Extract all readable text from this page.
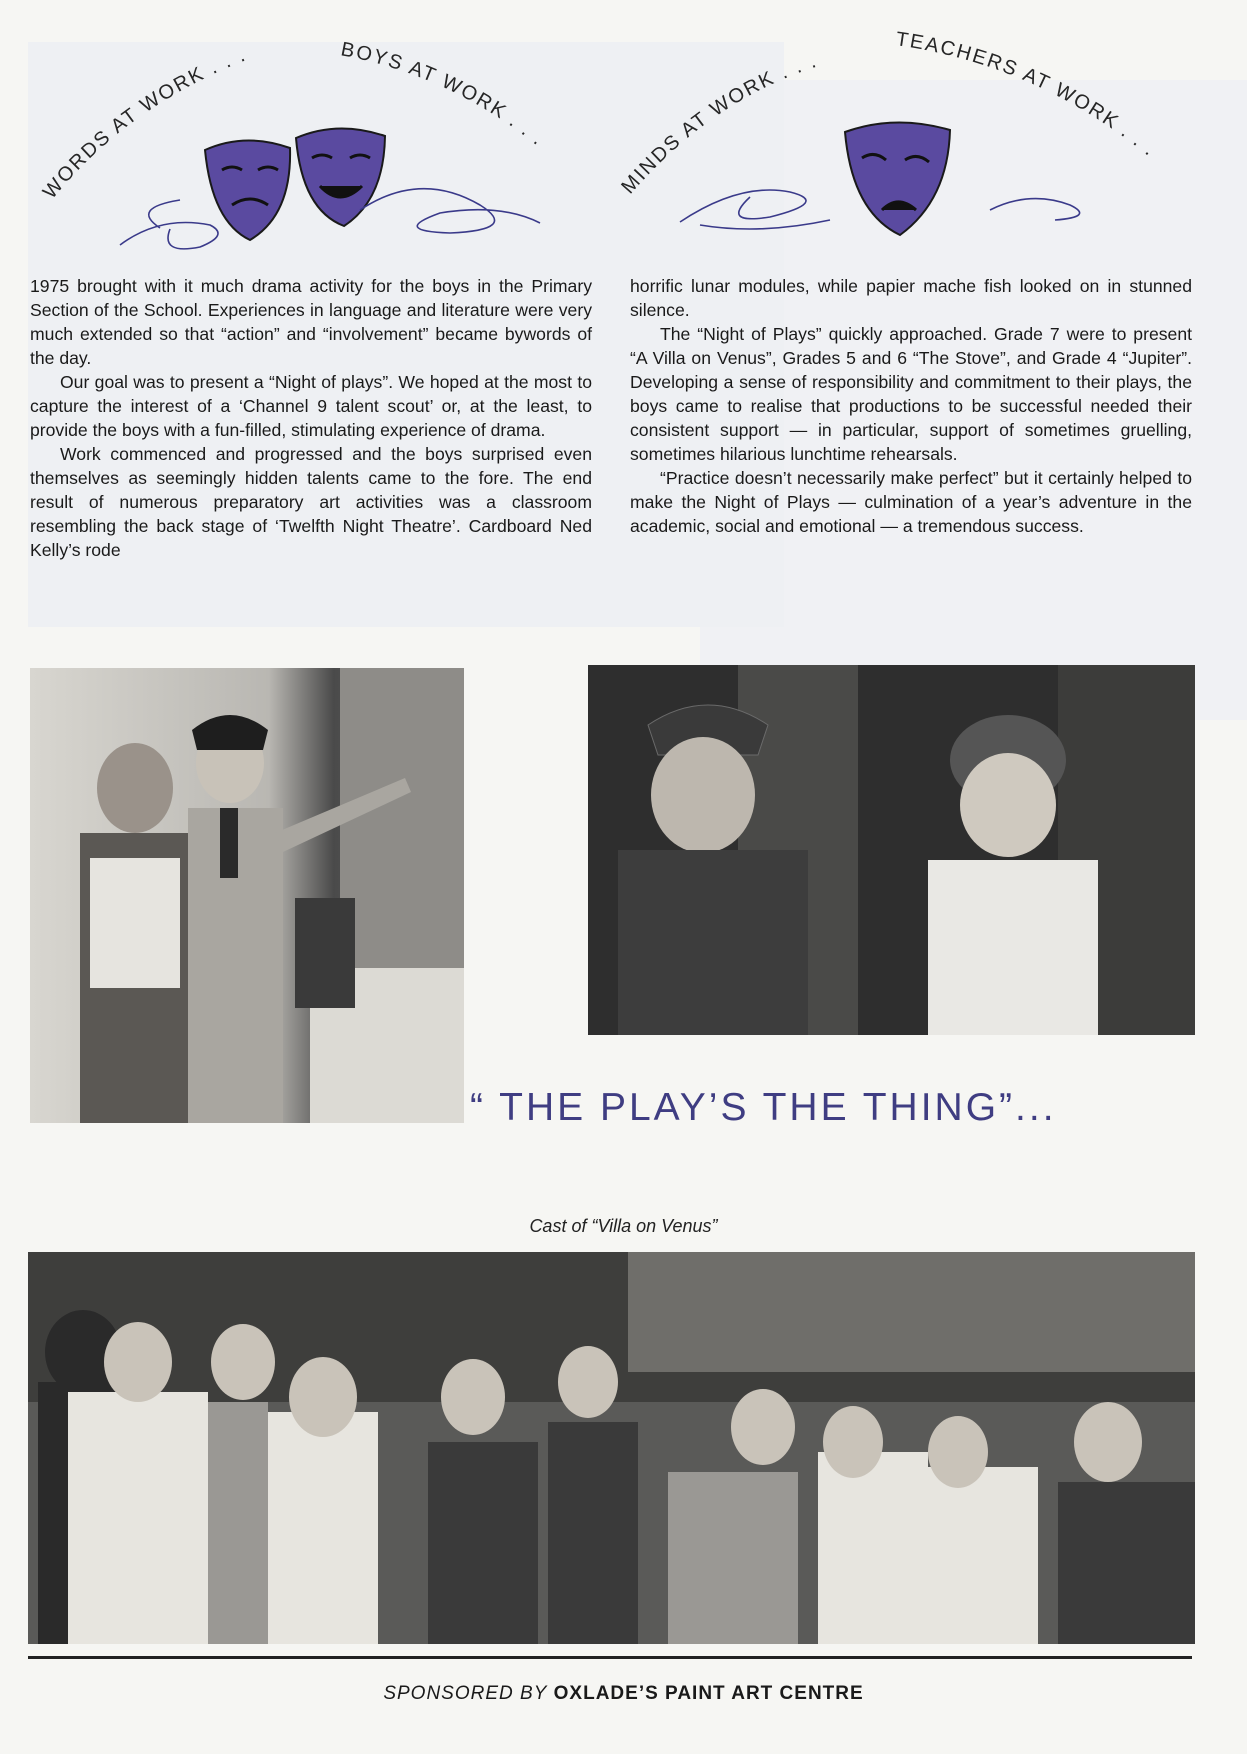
WORDS AT WORK . . .	BOYS AT WORK . . .
MINDS AT WORK . . .
TEACHERS AT WORK . . .

1975 brought with it much drama activity for the boys in the Primary Section of the School. Experiences in language and literature were very much extended so that “action” and “involvement” became bywords of the day.

Our goal was to present a “Night of plays”. We hoped at the most to capture the interest of a ‘Channel 9 talent scout’ or, at the least, to provide the boys with a fun-filled, stimulating experience of drama.

Work commenced and progressed and the boys surprised even themselves as seemingly hidden talents came to the fore. The end result of numerous preparatory art activities was a classroom resembling the back stage of ‘Twelfth Night Theatre’. Cardboard Ned Kelly’s rode

horrific lunar modules, while papier mache fish looked on in stunned silence.

The “Night of Plays” quickly approached. Grade 7 were to present “A Villa on Venus”, Grades 5 and 6 “The Stove”, and Grade 4 “Jupiter”. Developing a sense of responsibility and commitment to their plays, the boys came to realise that productions to be successful needed their consistent support — in particular, support of sometimes gruelling, sometimes hilarious lunchtime rehearsals.

“Practice doesn’t necessarily make perfect” but it certainly helped to make the Night of Plays — culmination of a year’s adventure in the academic, social and emotional — a tremendous success.

“ THE PLAY’S THE THING”...
Cast of “Villa on Venus”
SPONSORED BY OXLADE’S PAINT ART CENTRE
